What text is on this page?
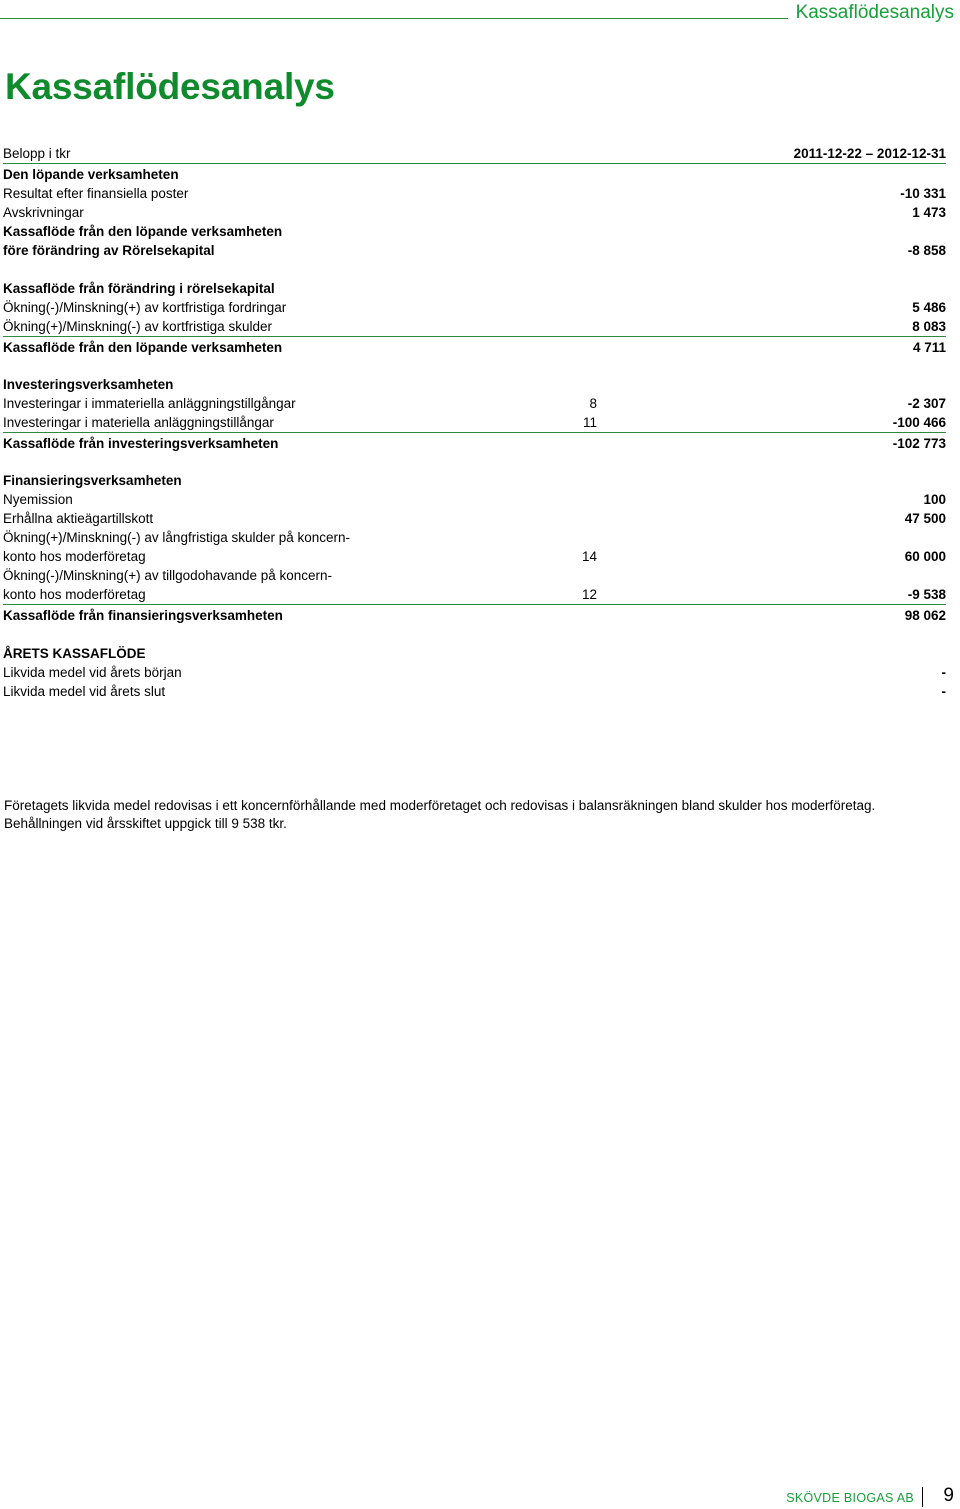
Kassaflödesanalys
Kassaflödesanalys
Belopp i tkr	2011-12-22 – 2012-12-31
Den löpande verksamheten
Resultat efter finansiella poster	-10 331
Avskrivningar	1 473
Kassaflöde från den löpande verksamheten
före förändring av Rörelsekapital	-8 858
Kassaflöde från förändring i rörelsekapital
Ökning(-)/Minskning(+) av kortfristiga fordringar	5 486
Ökning(+)/Minskning(-) av kortfristiga skulder	8 083
Kassaflöde från den löpande verksamheten	4 711
Investeringsverksamheten
Investeringar i immateriella anläggningstillgångar	8	-2 307
Investeringar i materiella anläggningstillångar	11	-100 466
Kassaflöde från investeringsverksamheten	-102 773
Finansieringsverksamheten
Nyemission	100
Erhållna aktieägartillskott	47 500
Ökning(+)/Minskning(-) av långfristiga skulder på koncern-
konto hos moderföretag	14	60 000
Ökning(-)/Minskning(+) av tillgodohavande på koncern-
konto hos moderföretag	12	-9 538
Kassaflöde från finansieringsverksamheten	98 062
ÅRETS KASSAFLÖDE
Likvida medel vid årets början	-
Likvida medel vid årets slut	-

Företagets likvida medel redovisas i ett koncernförhållande med moderföretaget och redovisas i balansräkningen bland skulder hos moderföretag.
Behållningen vid årsskiftet uppgick till 9 538 tkr.

SKÖVDE BIOGAS AB 9
